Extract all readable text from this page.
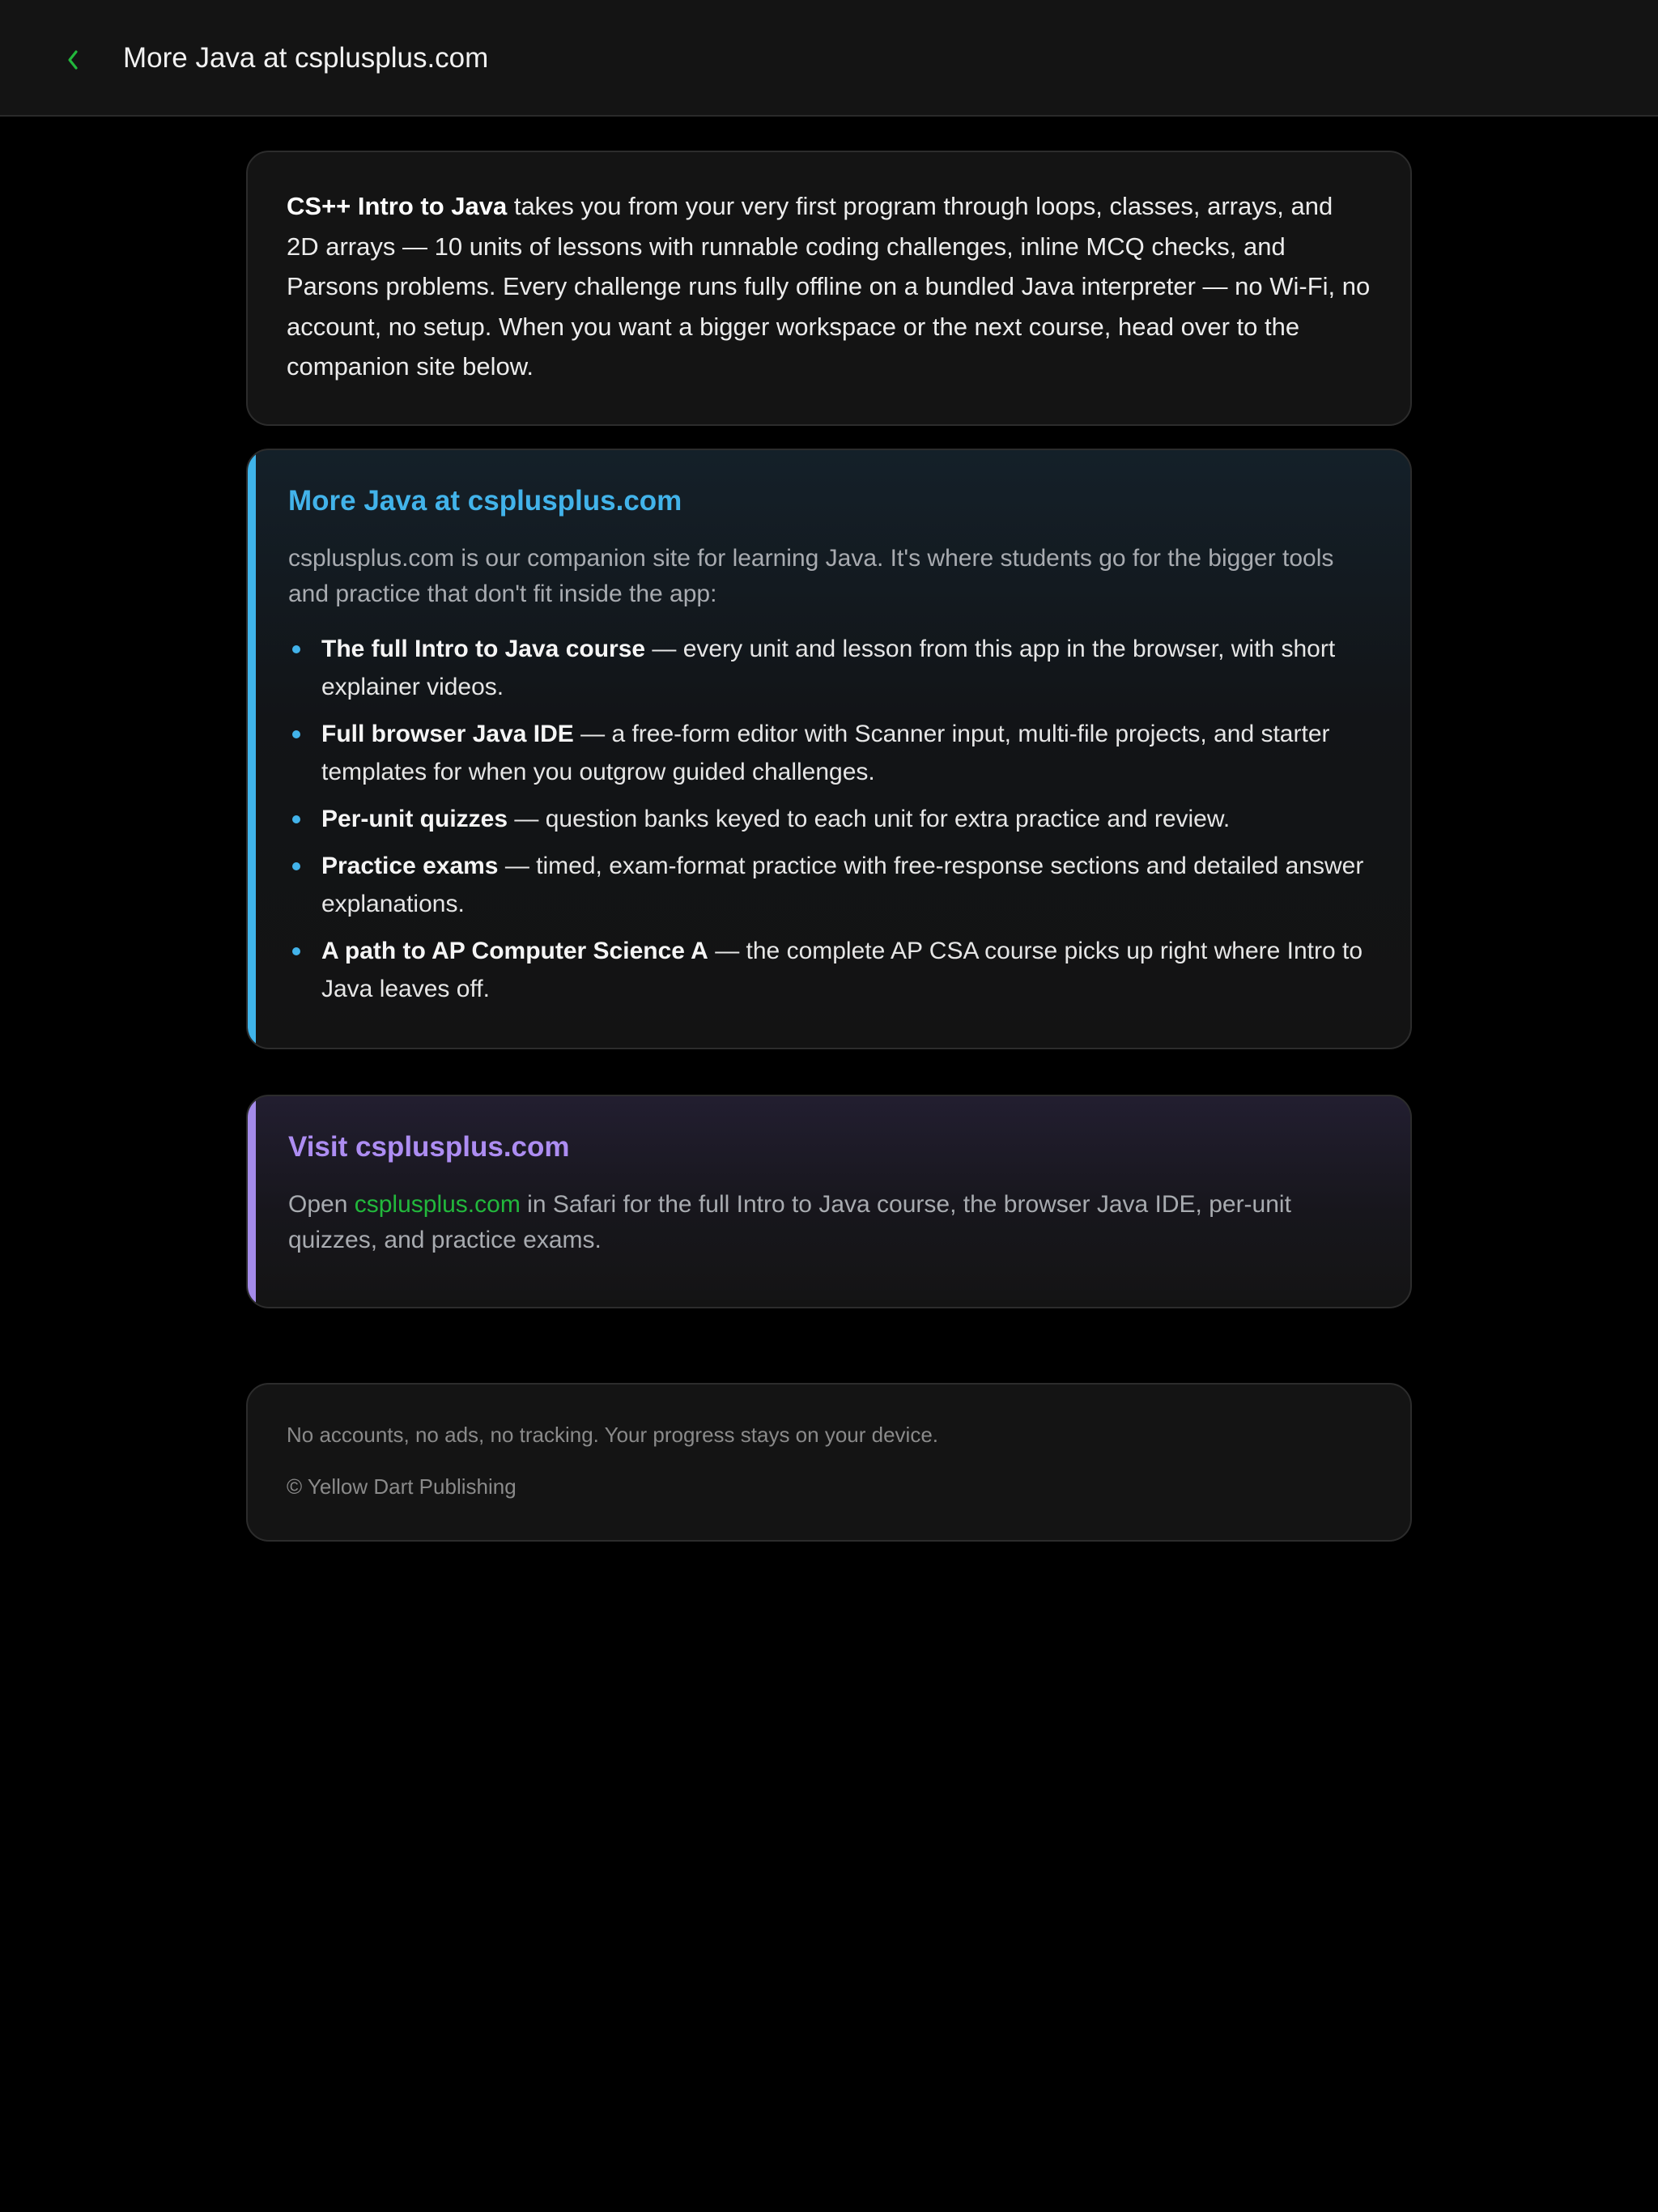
More Java at csplusplus.com

CS++ Intro to Java takes you from your very first program through loops, classes, arrays, and 2D arrays — 10 units of lessons with runnable coding challenges, inline MCQ checks, and Parsons problems. Every challenge runs fully offline on a bundled Java interpreter — no Wi-Fi, no account, no setup. When you want a bigger workspace or the next course, head over to the companion site below.

More Java at csplusplus.com

csplusplus.com is our companion site for learning Java. It's where students go for the bigger tools and practice that don't fit inside the app:

The full Intro to Java course — every unit and lesson from this app in the browser, with short explainer videos.
Full browser Java IDE — a free-form editor with Scanner input, multi-file projects, and starter templates for when you outgrow guided challenges.
Per-unit quizzes — question banks keyed to each unit for extra practice and review.
Practice exams — timed, exam-format practice with free-response sections and detailed answer explanations.
A path to AP Computer Science A — the complete AP CSA course picks up right where Intro to Java leaves off.
Visit csplusplus.com

Open csplusplus.com in Safari for the full Intro to Java course, the browser Java IDE, per-unit quizzes, and practice exams.

No accounts, no ads, no tracking. Your progress stays on your device.

© Yellow Dart Publishing
